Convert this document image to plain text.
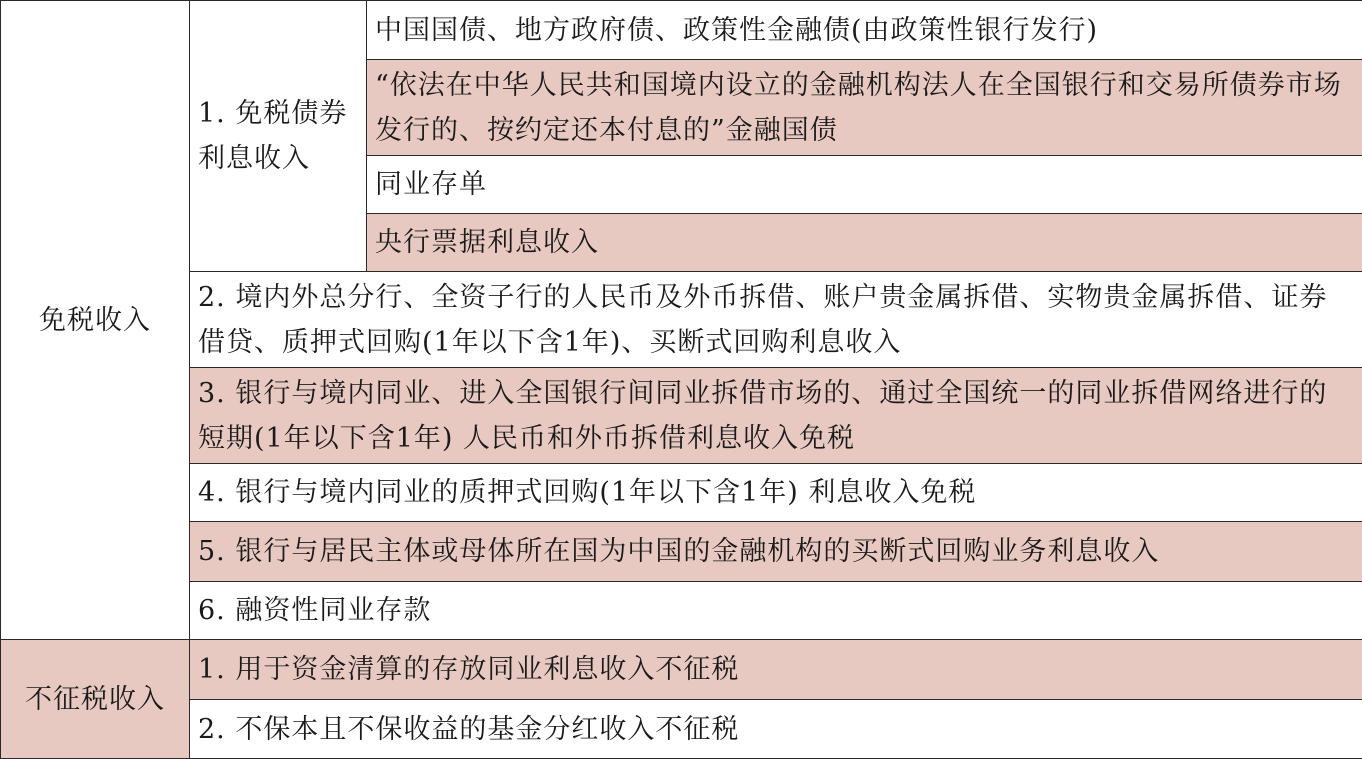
免税收入	1. 免税债券利息收入	中国国债、地方政府债、政策性金融债(由政策性银行发行)
		“依法在中华人民共和国境内设立的金融机构法人在全国银行和交易所债券市场发行的、按约定还本付息的”金融国债
		同业存单
		央行票据利息收入
	2. 境内外总分行、全资子行的人民币及外币拆借、账户贵金属拆借、实物贵金属拆借、证券借贷、质押式回购(1年以下含1年)、买断式回购利息收入	
	3. 银行与境内同业、进入全国银行间同业拆借市场的、通过全国统一的同业拆借网络进行的短期(1年以下含1年) 人民币和外币拆借利息收入免税	
	4. 银行与境内同业的质押式回购(1年以下含1年) 利息收入免税	
	5. 银行与居民主体或母体所在国为中国的金融机构的买断式回购业务利息收入	
	6. 融资性同业存款	

不征税收入	1. 用于资金清算的存放同业利息收入不征税	
	2. 不保本且不保收益的基金分红收入不征税	
